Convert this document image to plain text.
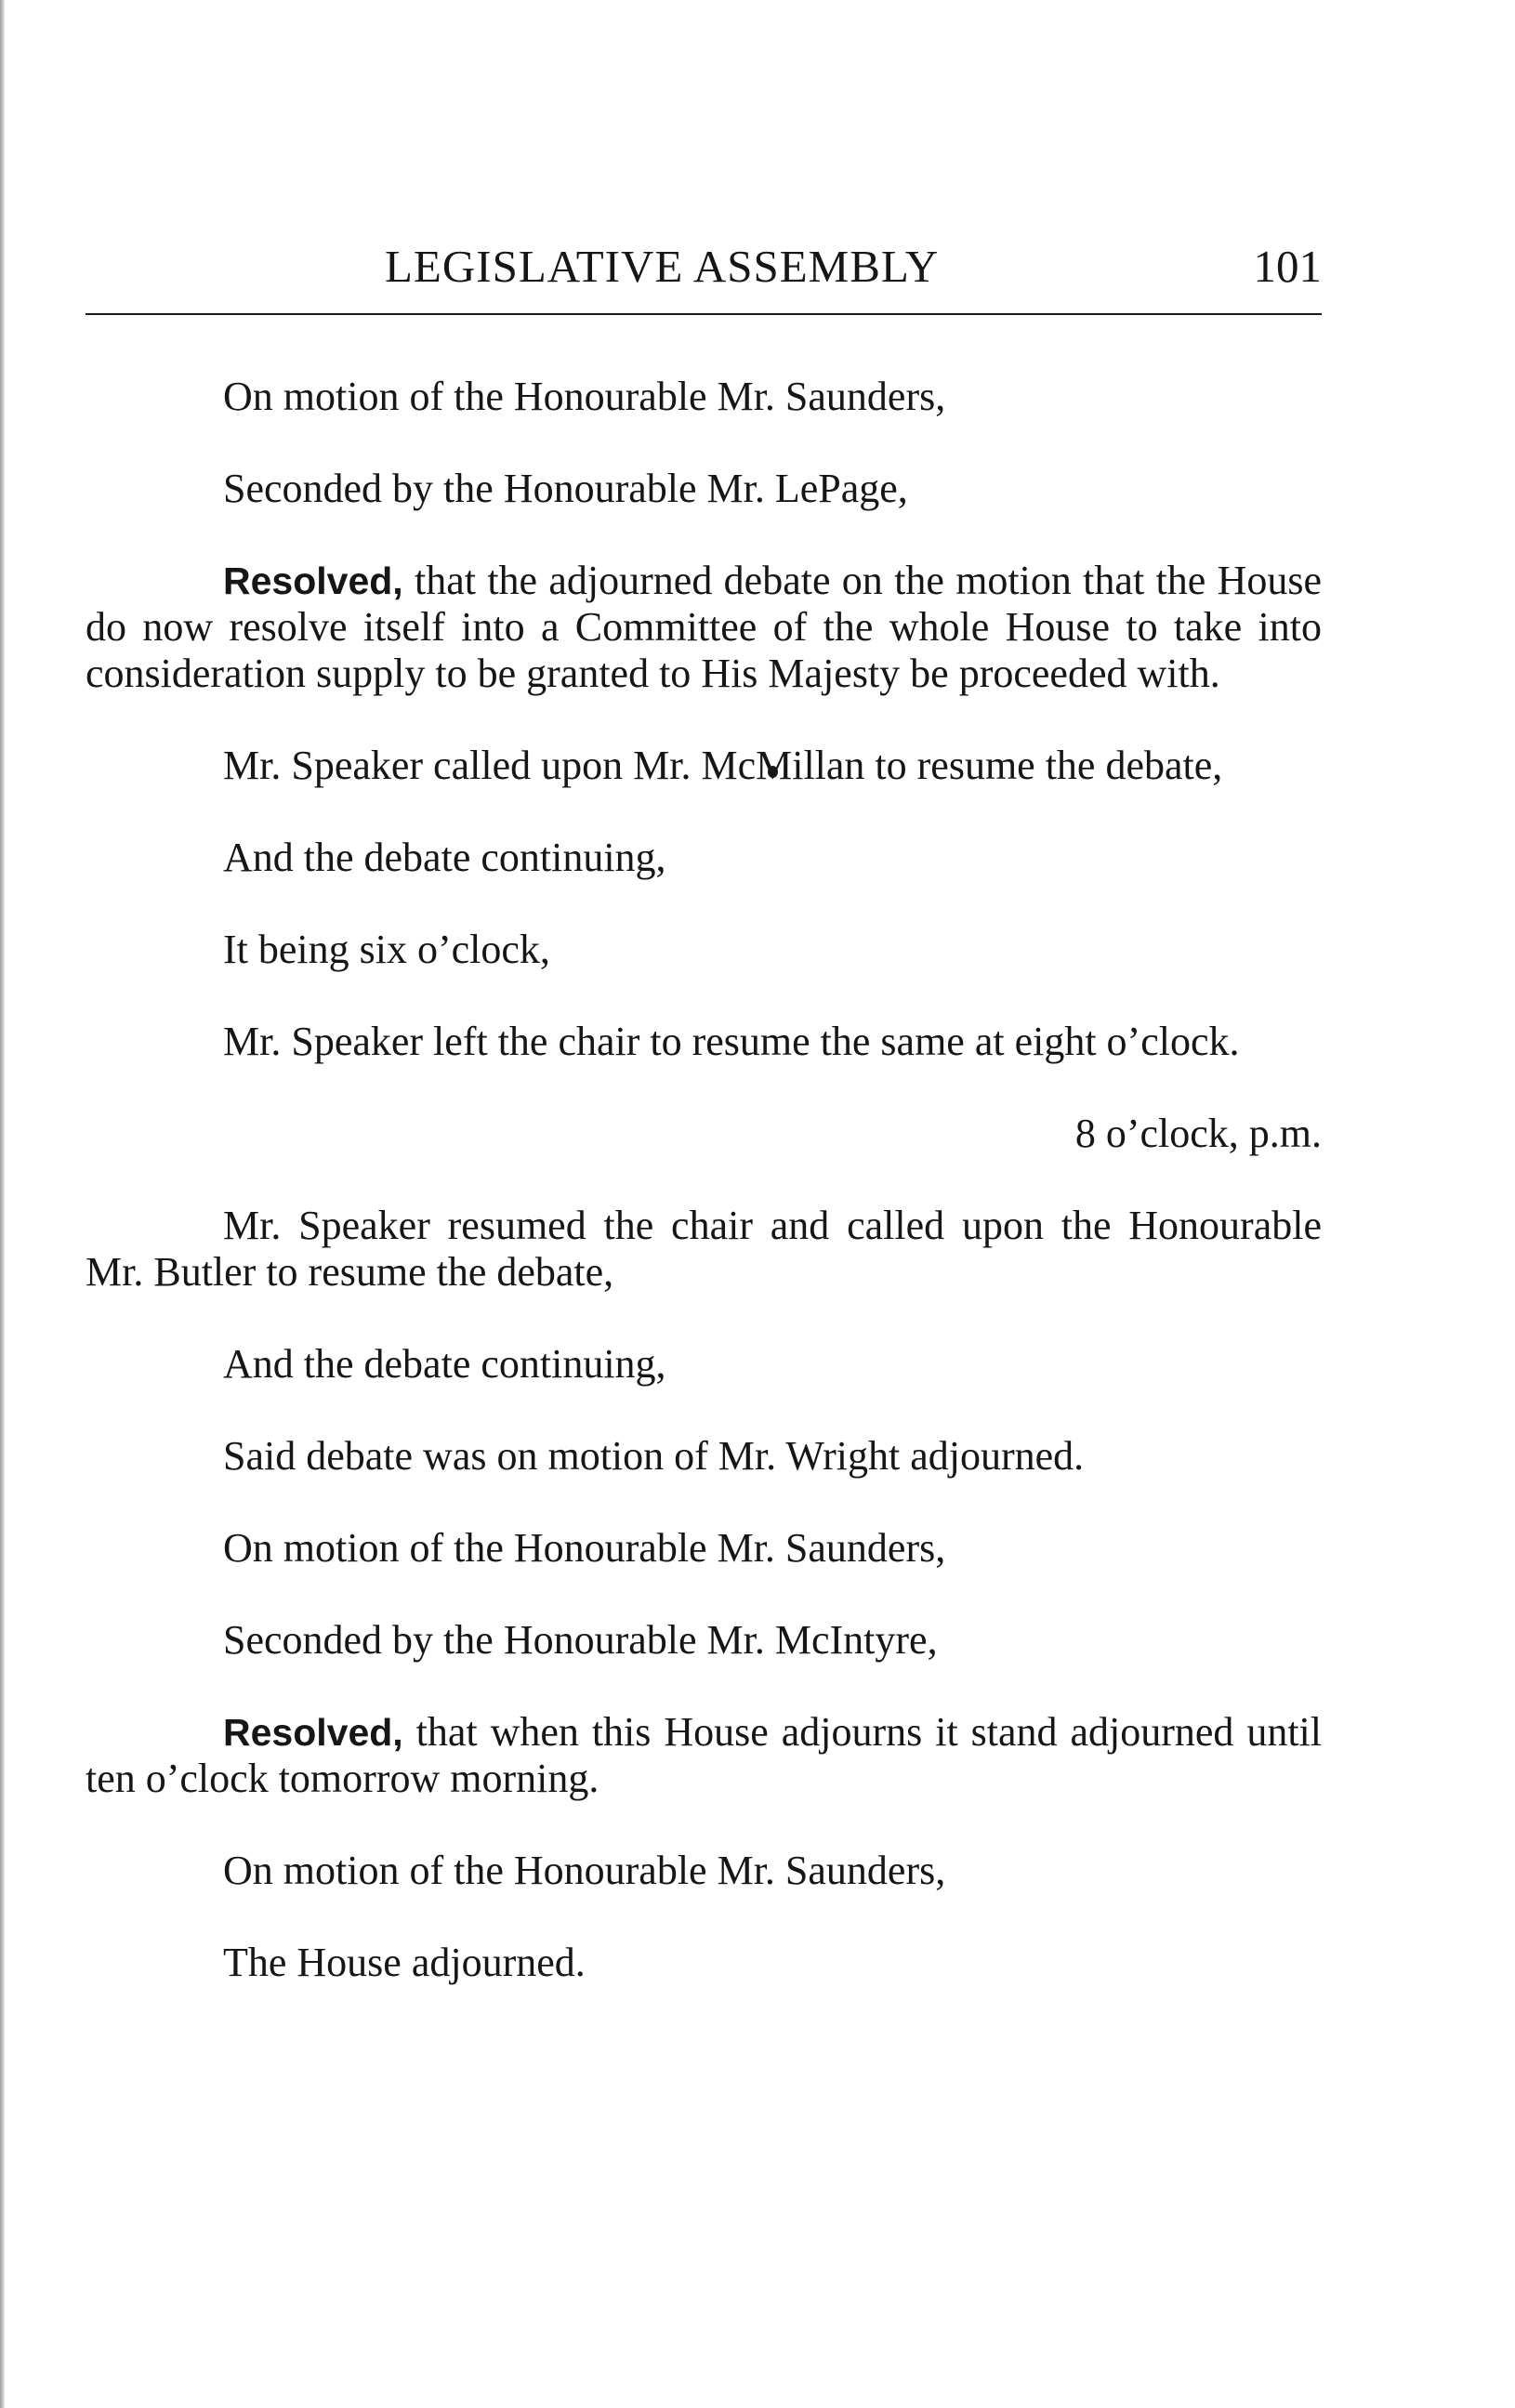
LEGISLATIVE ASSEMBLY	101

On motion of the Honourable Mr. Saunders,

Seconded by the Honourable Mr. LePage,

Resolved, that the adjourned debate on the motion that the House do now resolve itself into a Committee of the whole House to take into consideration supply to be granted to His Majesty be proceeded with.

Mr. Speaker called upon Mr. McMillan to resume the debate,

And the debate continuing,

It being six o’clock,

Mr. Speaker left the chair to resume the same at eight o’clock.

8 o’clock, p.m.

Mr. Speaker resumed the chair and called upon the Honourable Mr. Butler to resume the debate,

And the debate continuing,

Said debate was on motion of Mr. Wright adjourned.

On motion of the Honourable Mr. Saunders,

Seconded by the Honourable Mr. McIntyre,

Resolved, that when this House adjourns it stand adjourned until ten o’clock tomorrow morning.

On motion of the Honourable Mr. Saunders,

The House adjourned.
